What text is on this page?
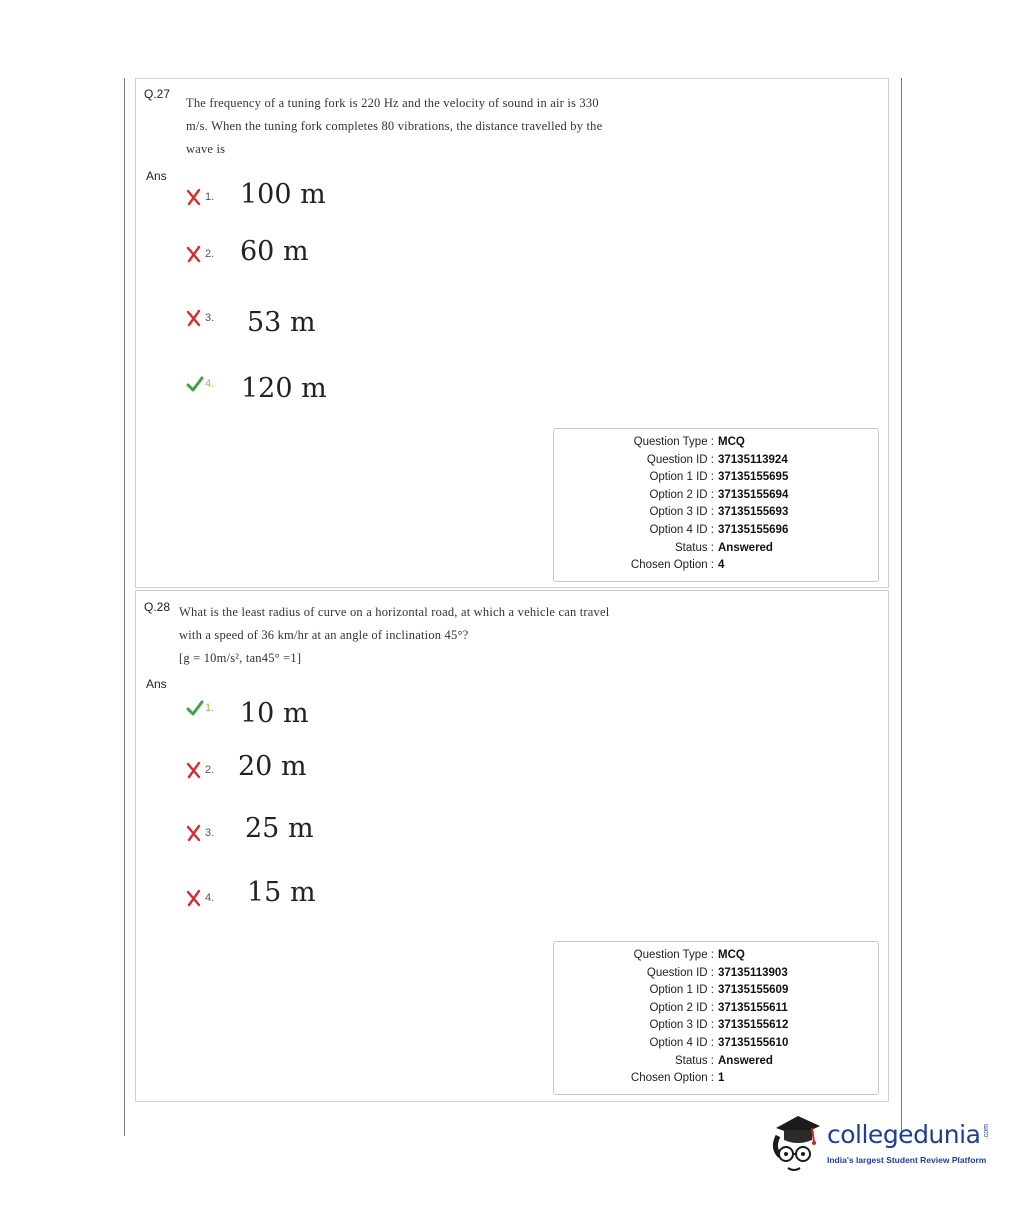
Q.27
The frequency of a tuning fork is 220 Hz and the velocity of sound in air is 330
m/s. When the tuning fork completes 80 vibrations, the distance travelled by the
wave is
Ans
1. 100 m
2. 60 m
3. 53 m
4. 120 m
Question Type : MCQ
Question ID : 37135113924
Option 1 ID : 37135155695
Option 2 ID : 37135155694
Option 3 ID : 37135155693
Option 4 ID : 37135155696
Status : Answered
Chosen Option : 4
Q.28 What is the least radius of curve on a horizontal road, at which a vehicle can travel
with a speed of 36 km/hr at an angle of inclination 45°?
[g = 10m/s², tan45° =1]
Ans
1. 10 m
2. 20 m
3. 25 m
4. 15 m
Question Type : MCQ
Question ID : 37135113903
Option 1 ID : 37135155609
Option 2 ID : 37135155611
Option 3 ID : 37135155612
Option 4 ID : 37135155610
Status : Answered
Chosen Option : 1
collegedunia .com
India's largest Student Review Platform
